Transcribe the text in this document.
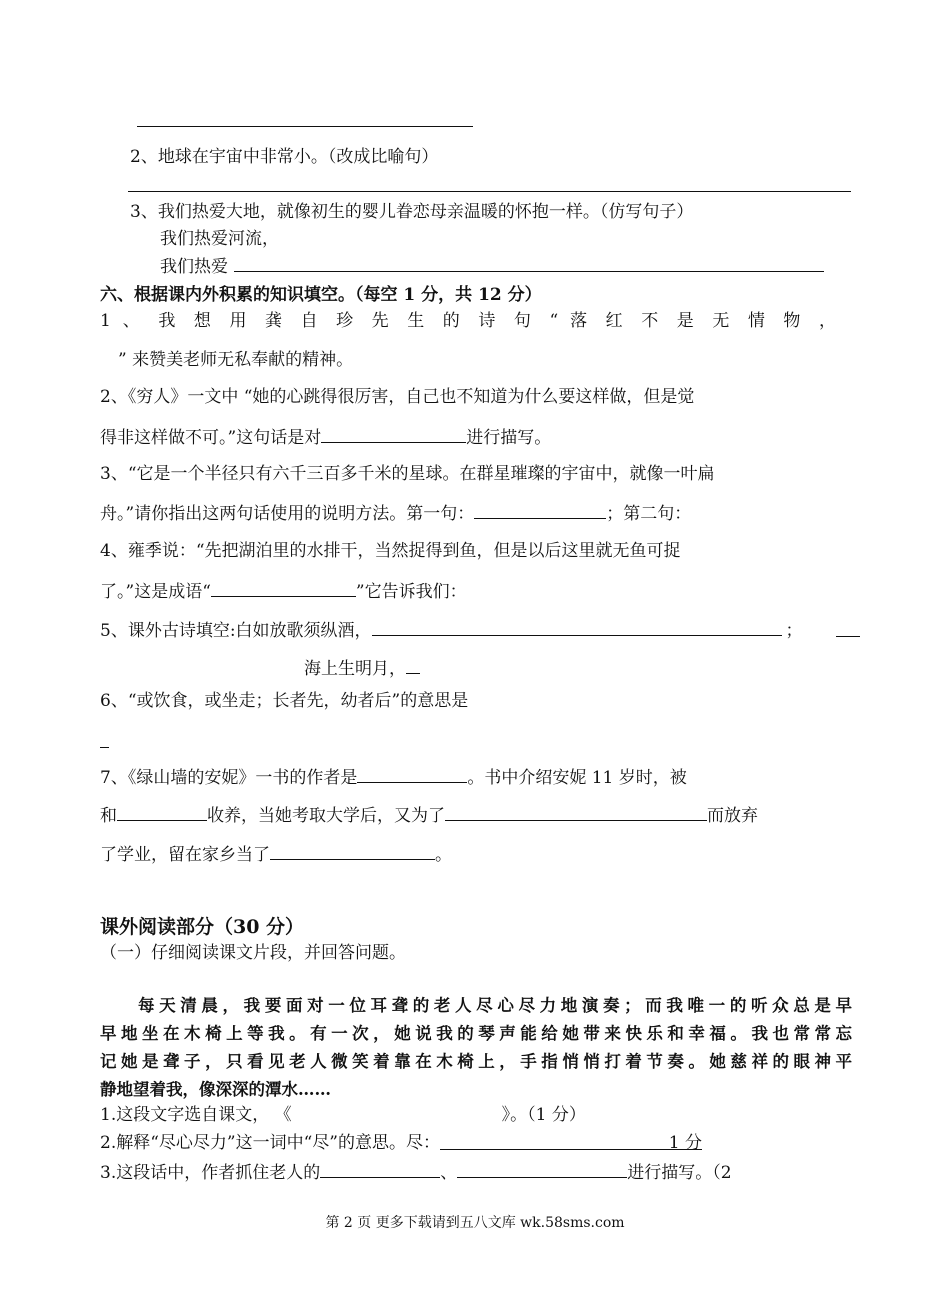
2、地球在宇宙中非常小。（改成比喻句）
3、我们热爱大地，就像初生的婴儿眷恋母亲温暖的怀抱一样。（仿写句子）
我们热爱河流，
我们热爱
六、根据课内外积累的知识填空。（每空 1 分，共 12 分）
1 、 我 想 用 龚 自 珍 先 生 的 诗 句 “ 落 红 不 是 无 情 物 ，
” 来赞美老师无私奉献的精神。
2、《穷人》一文中 “她的心跳得很厉害，自己也不知道为什么要这样做，但是觉
得非这样做不可。”这句话是对	进行描写。
3、“它是一个半径只有六千三百多千米的星球。在群星璀璨的宇宙中，就像一叶扁
舟。”请你指出这两句话使用的说明方法。第一句：	；第二句：
4、雍季说：“先把湖泊里的水排干，当然捉得到鱼，但是以后这里就无鱼可捉
了。”这是成语“	”它告诉我们：
5、课外古诗填空:白如放歌须纵酒，	；
海上生明月，
6、“或饮食，或坐走；长者先，幼者后”的意思是
7、《绿山墙的安妮》一书的作者是	。书中介绍安妮 11 岁时，被
和	收养，当她考取大学后，又为了	而放弃
了学业，留在家乡当了	。
课外阅读部分（30 分）
（一）仔细阅读课文片段，并回答问题。
每天清晨，我要面对一位耳聋的老人尽心尽力地演奏；而我唯一的听众总是早
早地坐在木椅上等我。有一次，她说我的琴声能给她带来快乐和幸福。我也常常忘
记她是聋子，只看见老人微笑着靠在木椅上，手指悄悄打着节奏。她慈祥的眼神平
静地望着我，像深深的潭水……
1.这段文字选自课文， 《	》。（1 分）
2.解释“尽心尽力”这一词中“尽”的意思。尽：	1 分
3.这段话中，作者抓住老人的	、	进行描写。（2
第 2 页 更多下载请到五八文库 wk.58sms.com
